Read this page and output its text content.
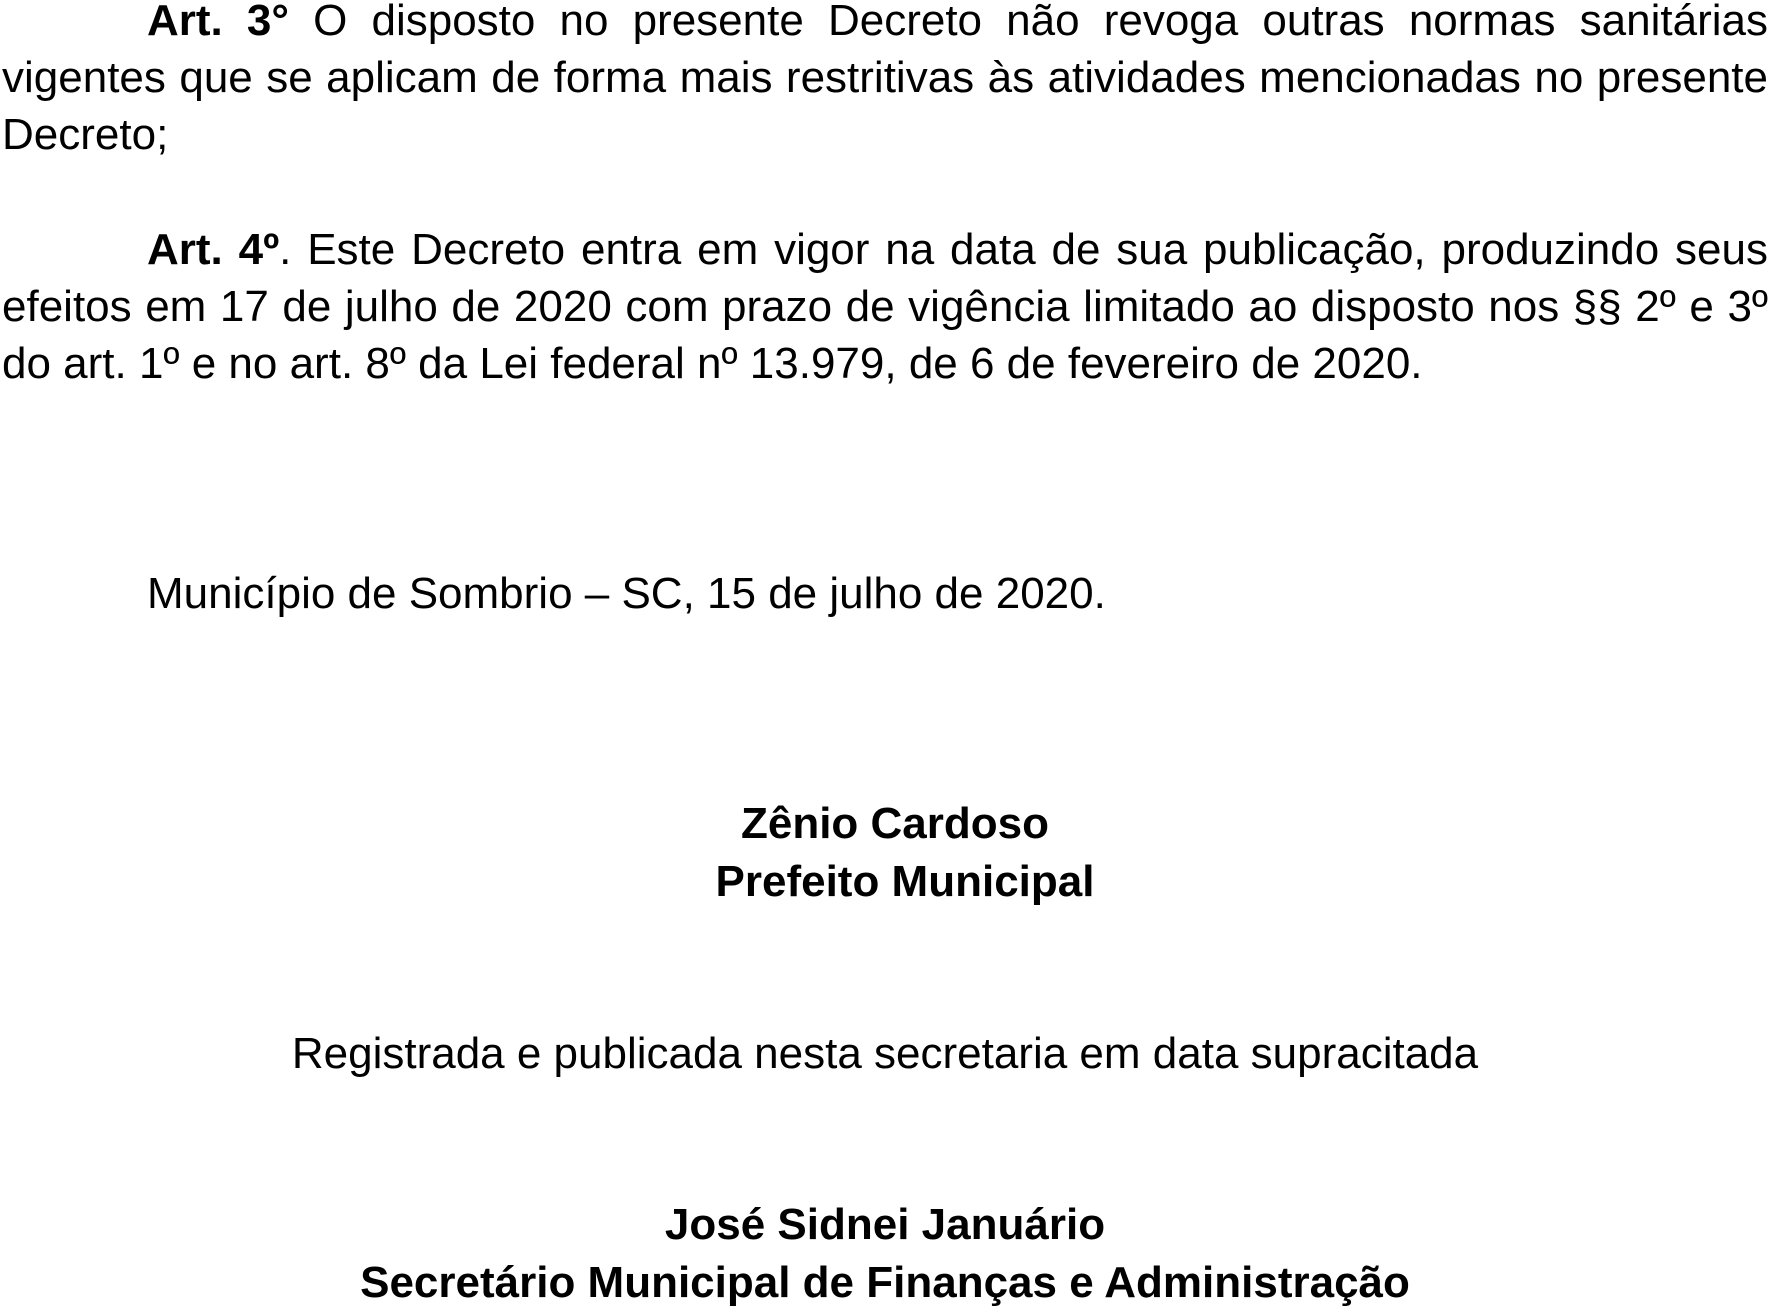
Art. 3° O disposto no presente Decreto não revoga outras normas sanitárias vigentes que se aplicam de forma mais restritivas às atividades mencionadas no presente Decreto;

Art. 4º. Este Decreto entra em vigor na data de sua publicação, produzindo seus efeitos em 17 de julho de 2020 com prazo de vigência limitado ao disposto nos §§ 2º e 3º do art. 1º e no art. 8º da Lei federal nº 13.979, de 6 de fevereiro de 2020.

Município de Sombrio – SC, 15 de julho de 2020.

Zênio Cardoso

Prefeito Municipal

Registrada e publicada nesta secretaria em data supracitada

José Sidnei Januário

Secretário Municipal de Finanças e Administração
